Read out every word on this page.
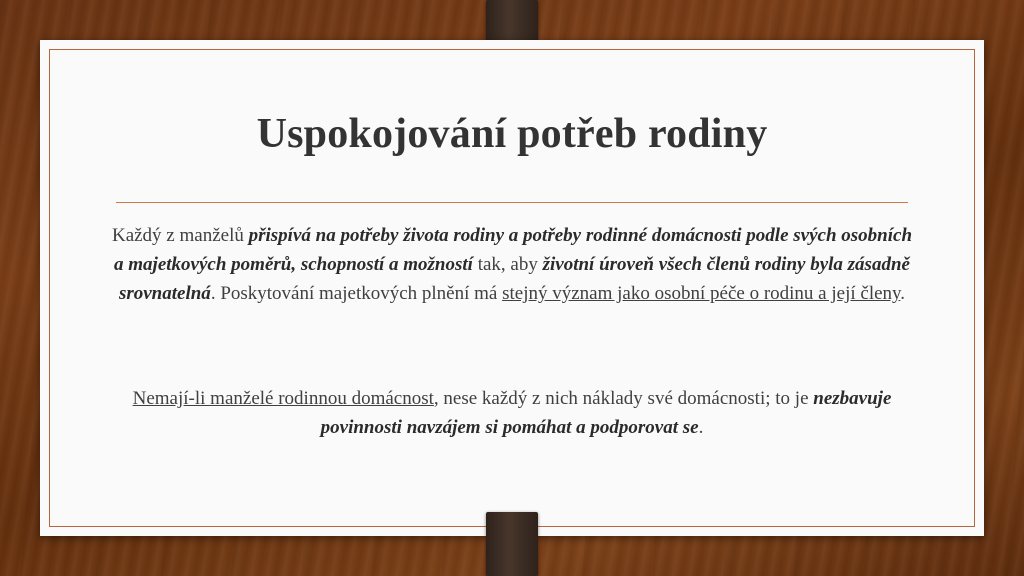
Uspokojování potřeb rodiny

Každý z manželů přispívá na potřeby života rodiny a potřeby rodinné domácnosti podle svých osobních a majetkových poměrů, schopností a možností tak, aby životní úroveň všech členů rodiny byla zásadně srovnatelná. Poskytování majetkových plnění má stejný význam jako osobní péče o rodinu a její členy.

Nemají-li manželé rodinnou domácnost, nese každý z nich náklady své domácnosti; to je nezbavuje povinnosti navzájem si pomáhat a podporovat se.
